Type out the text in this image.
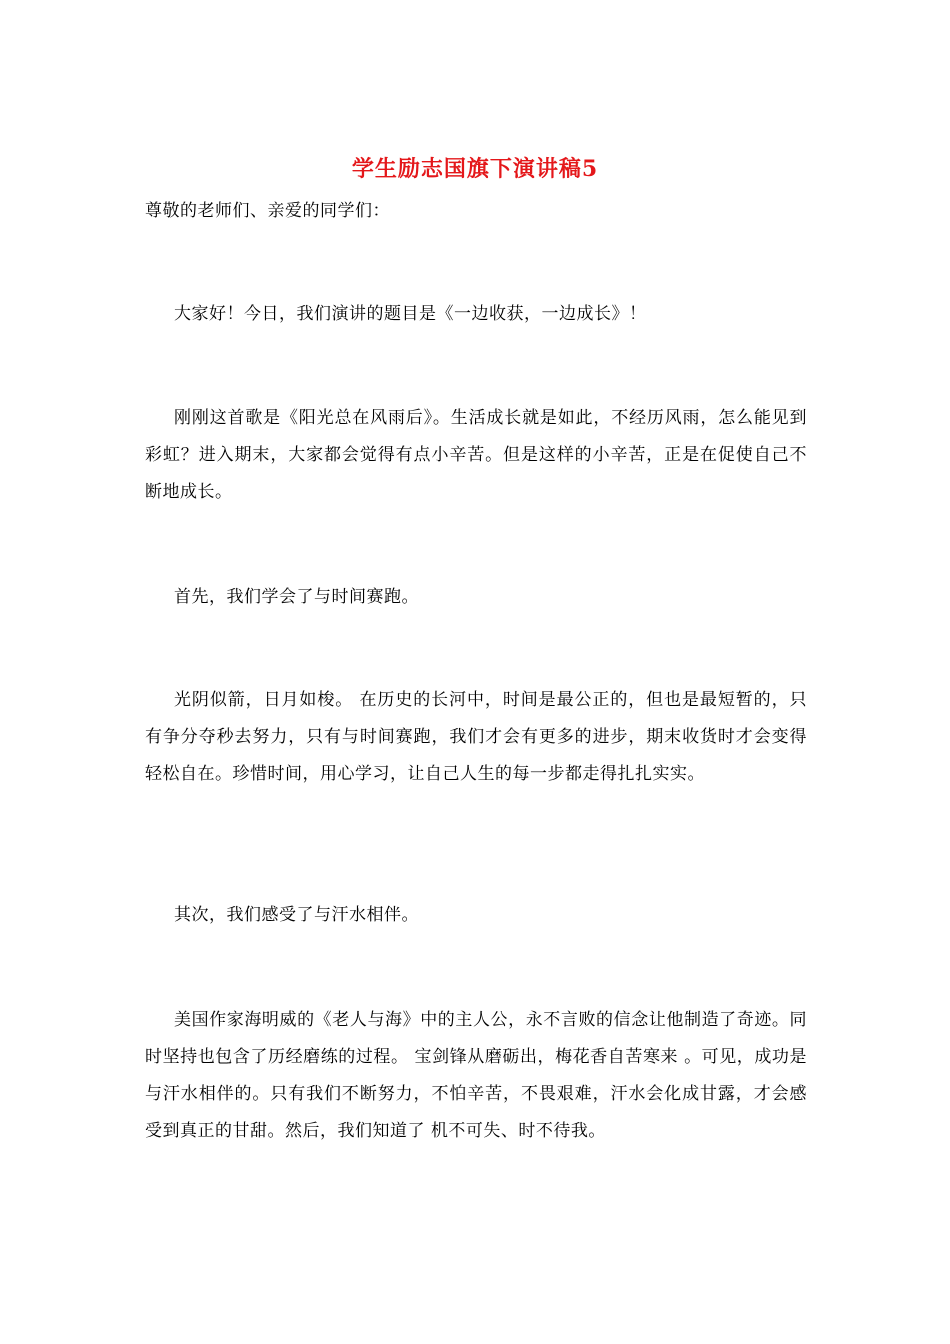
学生励志国旗下演讲稿5

尊敬的老师们、亲爱的同学们：

大家好！今日，我们演讲的题目是《一边收获，一边成长》！

刚刚这首歌是《阳光总在风雨后》。生活成长就是如此，不经历风雨，怎么能见到彩虹？进入期末，大家都会觉得有点小辛苦。但是这样的小辛苦，正是在促使自己不断地成长。

首先，我们学会了与时间赛跑。

光阴似箭，日月如梭。 在历史的长河中，时间是最公正的，但也是最短暂的，只有争分夺秒去努力，只有与时间赛跑，我们才会有更多的进步，期末收货时才会变得轻松自在。珍惜时间，用心学习，让自己人生的每一步都走得扎扎实实。

其次，我们感受了与汗水相伴。

美国作家海明威的《老人与海》中的主人公，永不言败的信念让他制造了奇迹。同时坚持也包含了历经磨练的过程。 宝剑锋从磨砺出，梅花香自苦寒来 。可见，成功是与汗水相伴的。只有我们不断努力，不怕辛苦，不畏艰难，汗水会化成甘露，才会感受到真正的甘甜。然后，我们知道了 机不可失、时不待我。
